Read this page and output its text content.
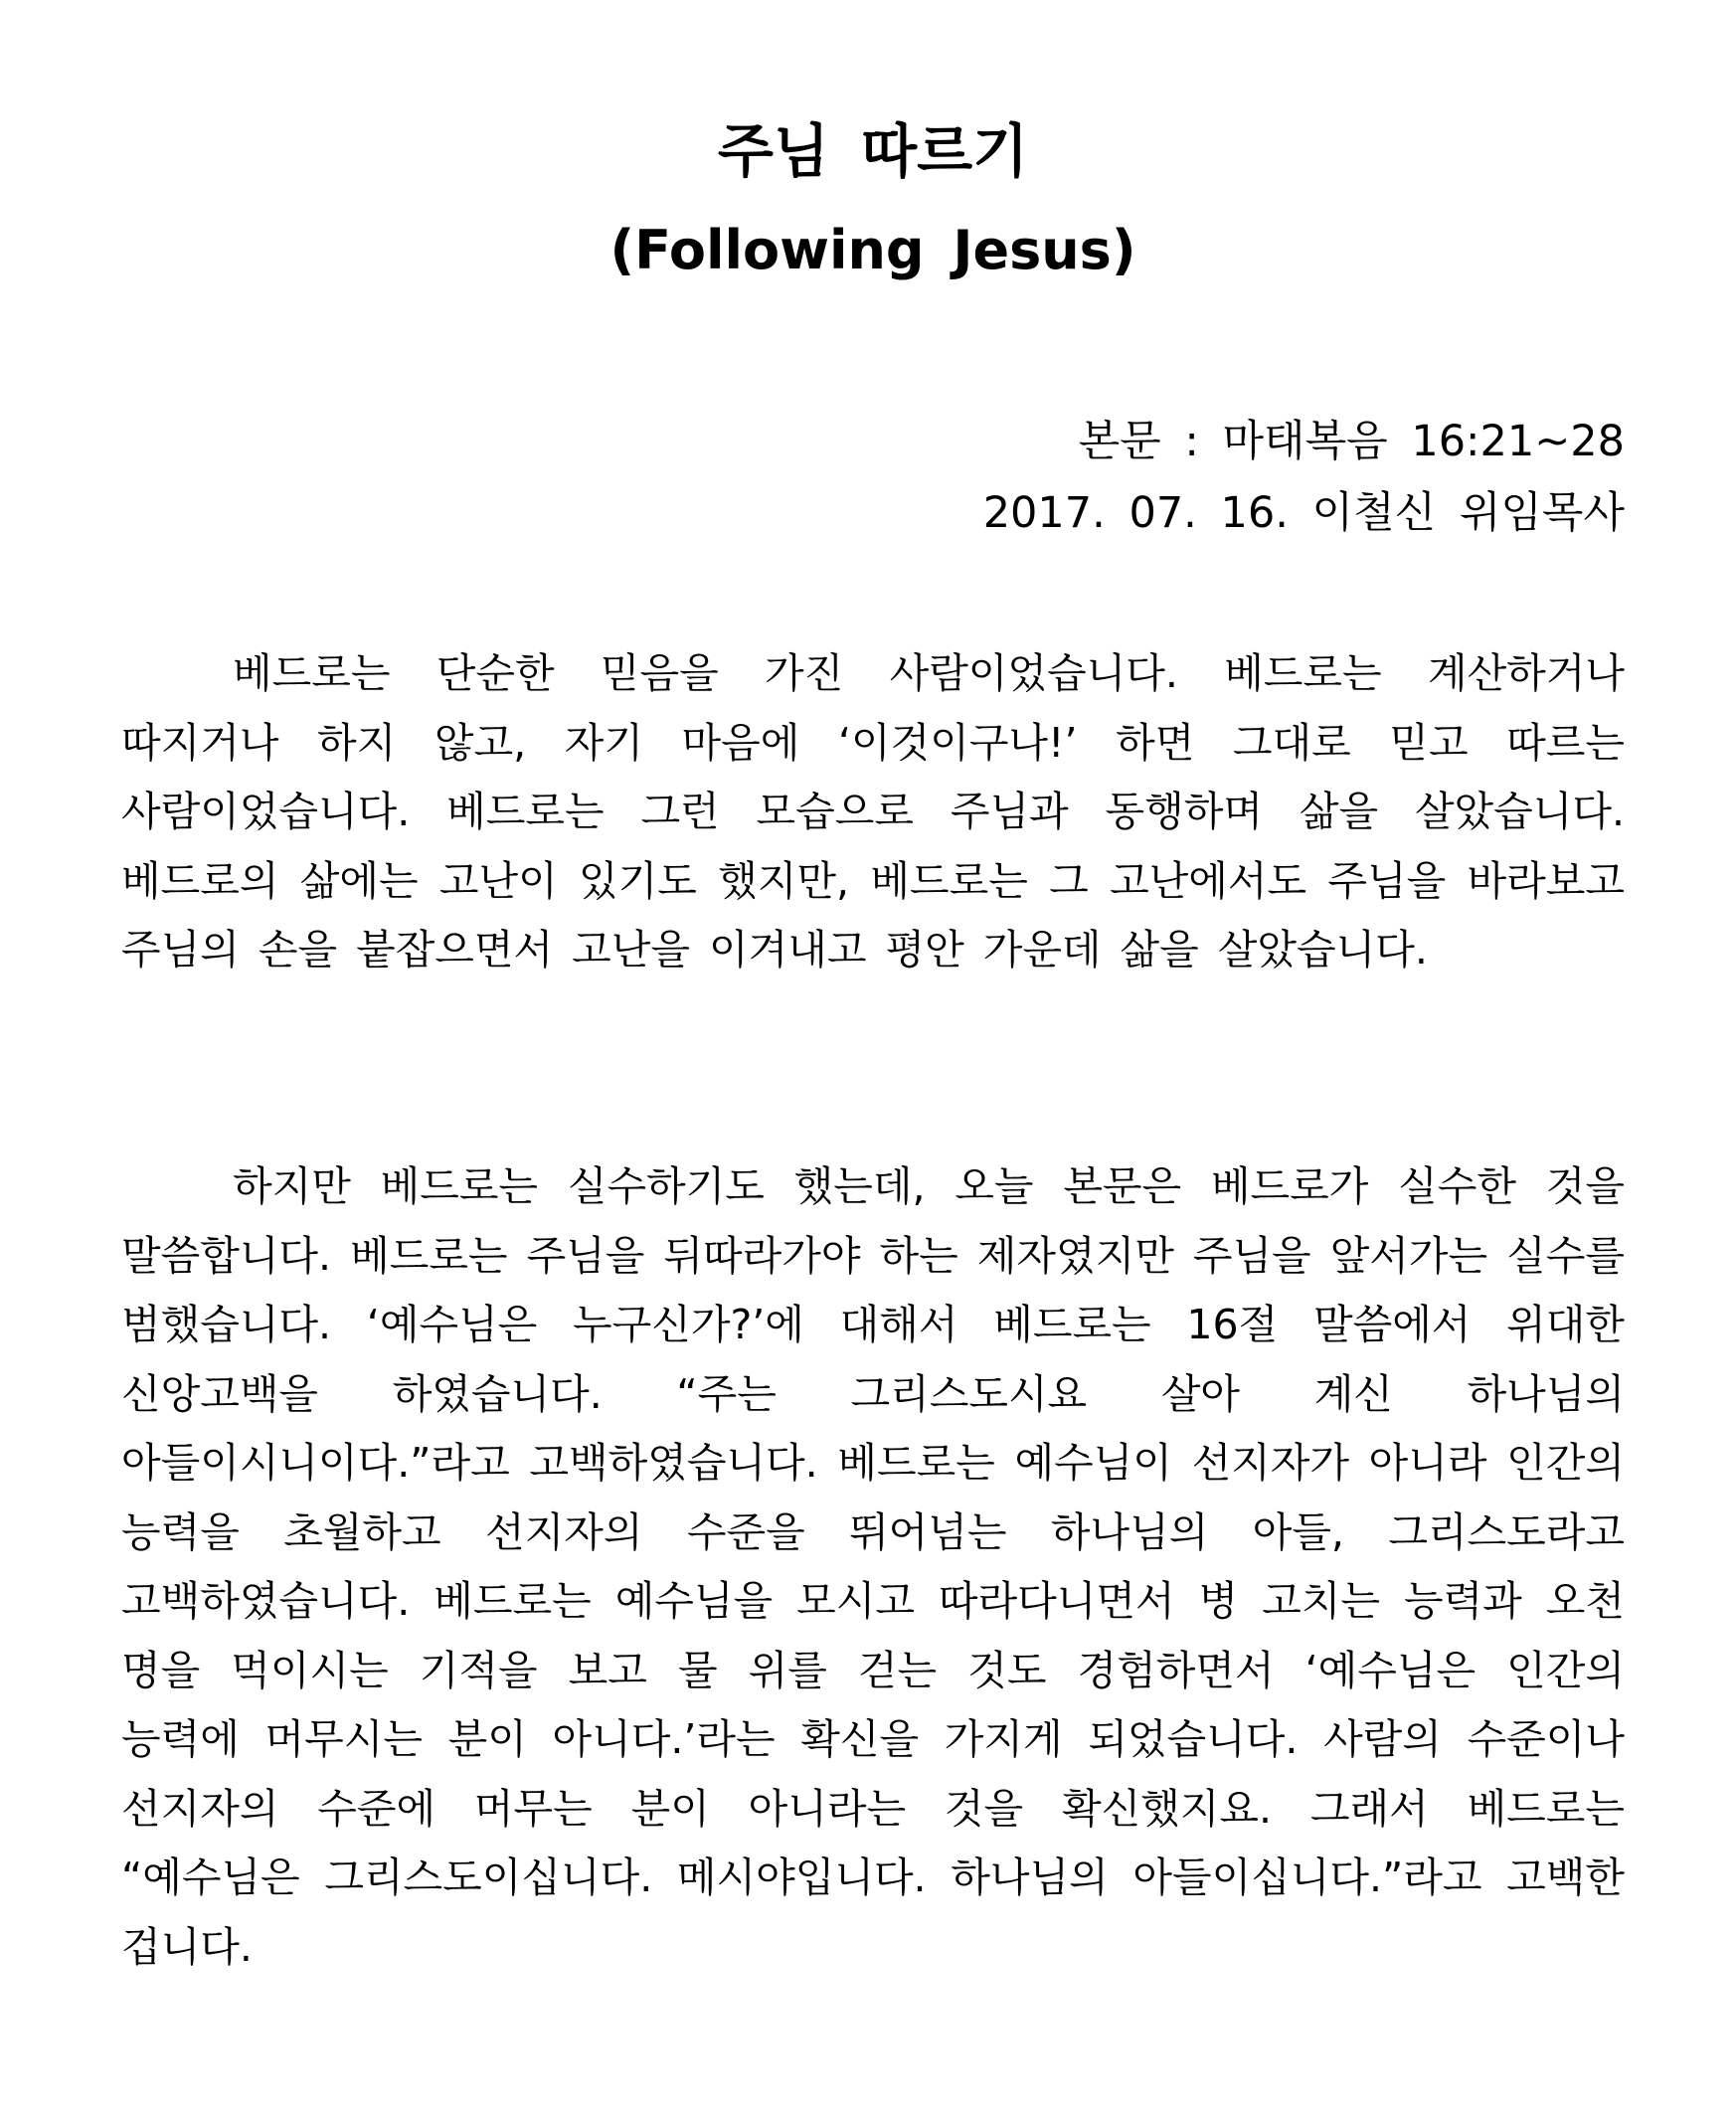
주님 따르기
(Following Jesus)
본문 : 마태복음 16:21~28
2017. 07. 16. 이철신 위임목사

베드로는 단순한 믿음을 가진 사람이었습니다. 베드로는 계산하거나 따지거나 하지 않고, 자기 마음에 ‘이것이구나!’ 하면 그대로 믿고 따르는 사람이었습니다. 베드로는 그런 모습으로 주님과 동행하며 삶을 살았습니다. 베드로의 삶에는 고난이 있기도 했지만, 베드로는 그 고난에서도 주님을 바라보고 주님의 손을 붙잡으면서 고난을 이겨내고 평안 가운데 삶을 살았습니다.

하지만 베드로는 실수하기도 했는데, 오늘 본문은 베드로가 실수한 것을 말씀합니다. 베드로는 주님을 뒤따라가야 하는 제자였지만 주님을 앞서가는 실수를 범했습니다. ‘예수님은 누구신가?’에 대해서 베드로는 16절 말씀에서 위대한 신앙고백을 하였습니다. “주는 그리스도시요 살아 계신 하나님의 아들이시니이다.”라고 고백하였습니다. 베드로는 예수님이 선지자가 아니라 인간의 능력을 초월하고 선지자의 수준을 뛰어넘는 하나님의 아들, 그리스도라고 고백하였습니다. 베드로는 예수님을 모시고 따라다니면서 병 고치는 능력과 오천 명을 먹이시는 기적을 보고 물 위를 걷는 것도 경험하면서 ‘예수님은 인간의 능력에 머무시는 분이 아니다.’라는 확신을 가지게 되었습니다. 사람의 수준이나 선지자의 수준에 머무는 분이 아니라는 것을 확신했지요. 그래서 베드로는 “예수님은 그리스도이십니다. 메시야입니다. 하나님의 아들이십니다.”라고 고백한 겁니다.
